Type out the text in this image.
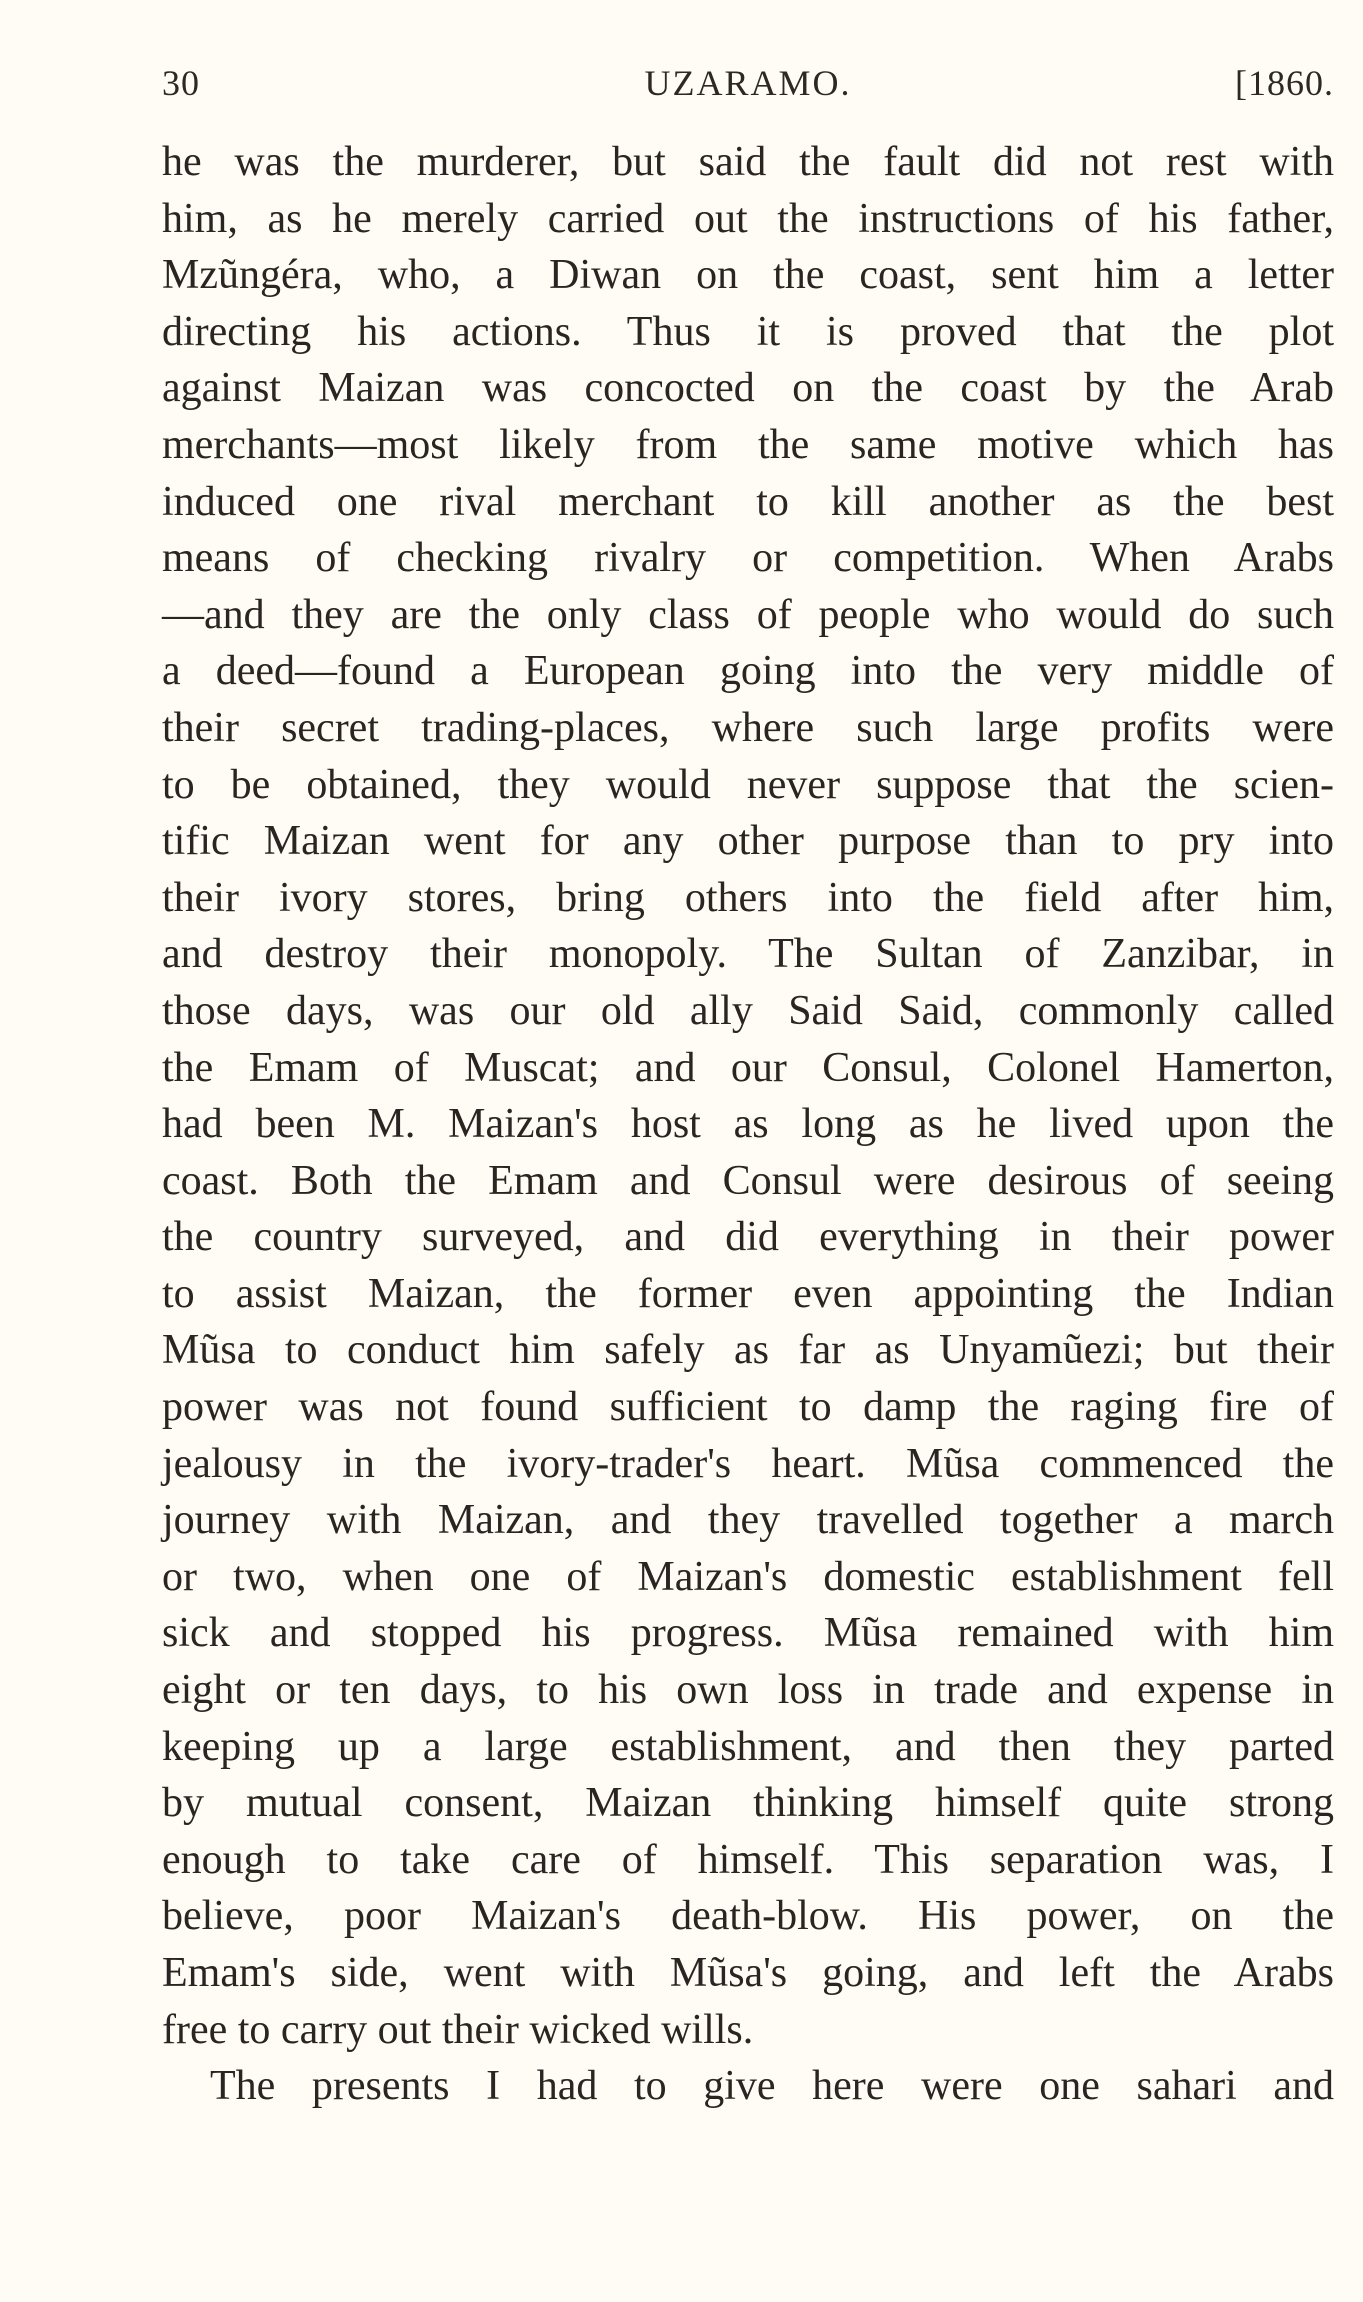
30	UZARAMO.	[1860.
he was the murderer, but said the fault did not rest with
him, as he merely carried out the instructions of his father,
Mzũngéra, who, a Diwan on the coast, sent him a letter
directing his actions. Thus it is proved that the plot
against Maizan was concocted on the coast by the Arab
merchants—most likely from the same motive which has
induced one rival merchant to kill another as the best
means of checking rivalry or competition. When Arabs
—and they are the only class of people who would do such
a deed—found a European going into the very middle of
their secret trading-places, where such large profits were
to be obtained, they would never suppose that the scien-
tific Maizan went for any other purpose than to pry into
their ivory stores, bring others into the field after him,
and destroy their monopoly. The Sultan of Zanzibar, in
those days, was our old ally Said Said, commonly called
the Emam of Muscat; and our Consul, Colonel Hamerton,
had been M. Maizan's host as long as he lived upon the
coast. Both the Emam and Consul were desirous of seeing
the country surveyed, and did everything in their power
to assist Maizan, the former even appointing the Indian
Mũsa to conduct him safely as far as Unyamũezi; but their
power was not found sufficient to damp the raging fire of
jealousy in the ivory-trader's heart. Mũsa commenced the
journey with Maizan, and they travelled together a march
or two, when one of Maizan's domestic establishment fell
sick and stopped his progress. Mũsa remained with him
eight or ten days, to his own loss in trade and expense in
keeping up a large establishment, and then they parted
by mutual consent, Maizan thinking himself quite strong
enough to take care of himself. This separation was, I
believe, poor Maizan's death-blow. His power, on the
Emam's side, went with Mũsa's going, and left the Arabs
free to carry out their wicked wills.
The presents I had to give here were one sahari and
